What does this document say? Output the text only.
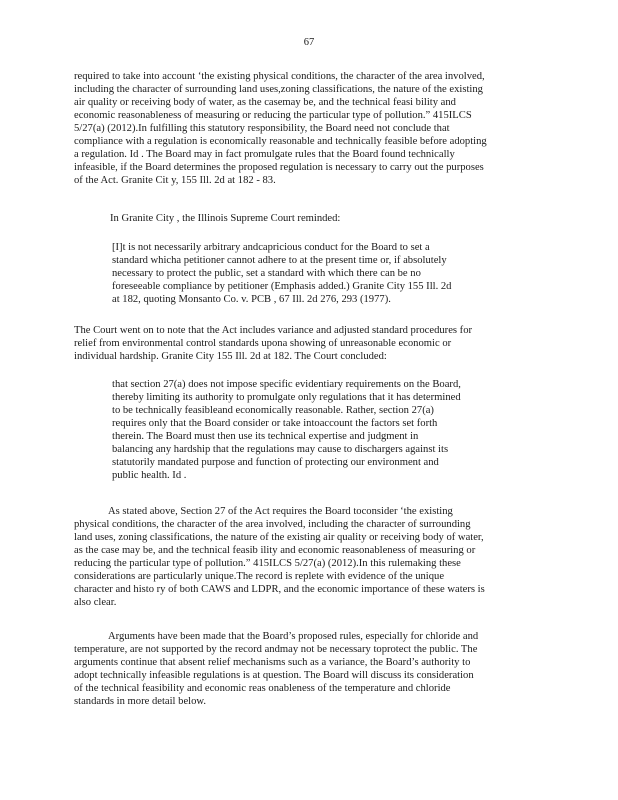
67
required to take into account ‘the existing physical conditions, the character of the area involved,
including the character of surrounding land uses,zoning classifications, the nature of the existing
air quality or receiving body of water, as the casemay be, and the technical feasi bility and
economic reasonableness of measuring or reducing the particular type of pollution.” 415ILCS
5/27(a) (2012).In fulfilling this statutory responsibility, the Board need not conclude that
compliance with a regulation is economically reasonable and technically feasible before adopting
a regulation. Id . The Board may in fact promulgate rules that the Board found technically
infeasible, if the Board determines the proposed regulation is necessary to carry out the purposes
of the Act. Granite Cit y, 155 Ill. 2d at 182 - 83.
In Granite City , the Illinois Supreme Court reminded:
[I]t is not necessarily arbitrary andcapricious conduct for the Board to set a
standard whicha petitioner cannot adhere to at the present time or, if absolutely
necessary to protect the public, set a standard with which there can be no
foreseeable compliance by petitioner (Emphasis added.) Granite City 155 Ill. 2d
at 182, quoting Monsanto Co. v. PCB , 67 Ill. 2d 276, 293 (1977).
The Court went on to note that the Act includes variance and adjusted standard procedures for
relief from environmental control standards upona showing of unreasonable economic or
individual hardship. Granite City 155 Ill. 2d at 182. The Court concluded:
that section 27(a) does not impose specific evidentiary requirements on the Board,
thereby limiting its authority to promulgate only regulations that it has determined
to be technically feasibleand economically reasonable. Rather, section 27(a)
requires only that the Board consider or take intoaccount the factors set forth
therein. The Board must then use its technical expertise and judgment in
balancing any hardship that the regulations may cause to dischargers against its
statutorily mandated purpose and function of protecting our environment and
public health. Id .
As stated above, Section 27 of the Act requires the Board toconsider ‘the existing
physical conditions, the character of the area involved, including the character of surrounding
land uses, zoning classifications, the nature of the existing air quality or receiving body of water,
as the case may be, and the technical feasib ility and economic reasonableness of measuring or
reducing the particular type of pollution.” 415ILCS 5/27(a) (2012).In this rulemaking these
considerations are particularly unique.The record is replete with evidence of the unique
character and histo ry of both CAWS and LDPR, and the economic importance of these waters is
also clear.
Arguments have been made that the Board’s proposed rules, especially for chloride and
temperature, are not supported by the record andmay not be necessary toprotect the public. The
arguments continue that absent relief mechanisms such as a variance, the Board’s authority to
adopt technically infeasible regulations is at question. The Board will discuss its consideration
of the technical feasibility and economic reas onableness of the temperature and chloride
standards in more detail below.
